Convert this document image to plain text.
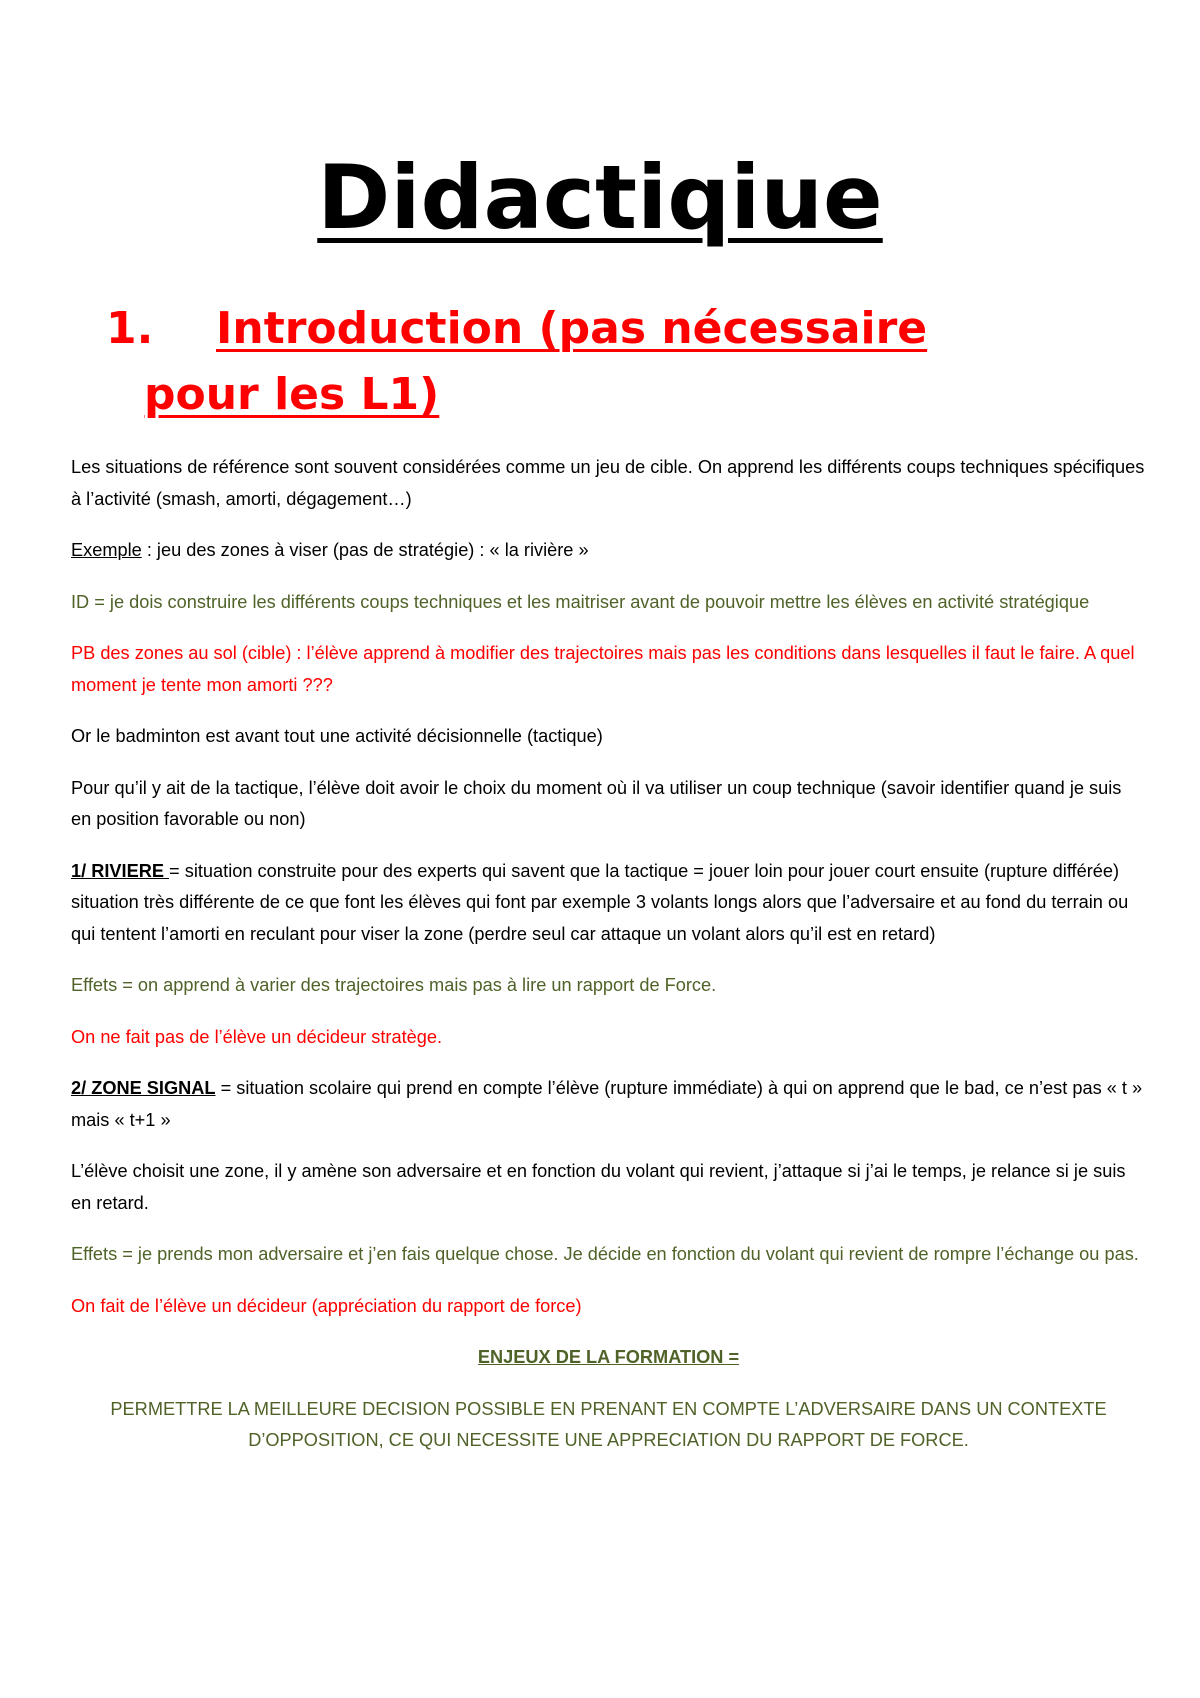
Didactiqiue
1. Introduction (pas nécessaire
pour les L1)

Les situations de référence sont souvent considérées comme un jeu de cible. On apprend les différents coups techniques spécifiques à l’activité (smash, amorti, dégagement…)

Exemple : jeu des zones à viser (pas de stratégie) : « la rivière »

ID = je dois construire les différents coups techniques et les maitriser avant de pouvoir mettre les élèves en activité stratégique

PB des zones au sol (cible) : l’élève apprend à modifier des trajectoires mais pas les conditions dans lesquelles il faut le faire. A quel moment je tente mon amorti ???

Or le badminton est avant tout une activité décisionnelle (tactique)

Pour qu’il y ait de la tactique, l’élève doit avoir le choix du moment où il va utiliser un coup technique (savoir identifier quand je suis en position favorable ou non)

1/ RIVIERE = situation construite pour des experts qui savent que la tactique = jouer loin pour jouer court ensuite (rupture différée) situation très différente de ce que font les élèves qui font par exemple 3 volants longs alors que l’adversaire et au fond du terrain ou qui tentent l’amorti en reculant pour viser la zone (perdre seul car attaque un volant alors qu’il est en retard)

Effets = on apprend à varier des trajectoires mais pas à lire un rapport de Force.

On ne fait pas de l’élève un décideur stratège.

2/ ZONE SIGNAL = situation scolaire qui prend en compte l’élève (rupture immédiate) à qui on apprend que le bad, ce n’est pas « t » mais « t+1 »

L’élève choisit une zone, il y amène son adversaire et en fonction du volant qui revient, j’attaque si j’ai le temps, je relance si je suis en retard.

Effets = je prends mon adversaire et j’en fais quelque chose. Je décide en fonction du volant qui revient de rompre l’échange ou pas.

On fait de l’élève un décideur (appréciation du rapport de force)

ENJEUX DE LA FORMATION =

PERMETTRE LA MEILLEURE DECISION POSSIBLE EN PRENANT EN COMPTE L’ADVERSAIRE DANS UN CONTEXTE D’OPPOSITION, CE QUI NECESSITE UNE APPRECIATION DU RAPPORT DE FORCE.
